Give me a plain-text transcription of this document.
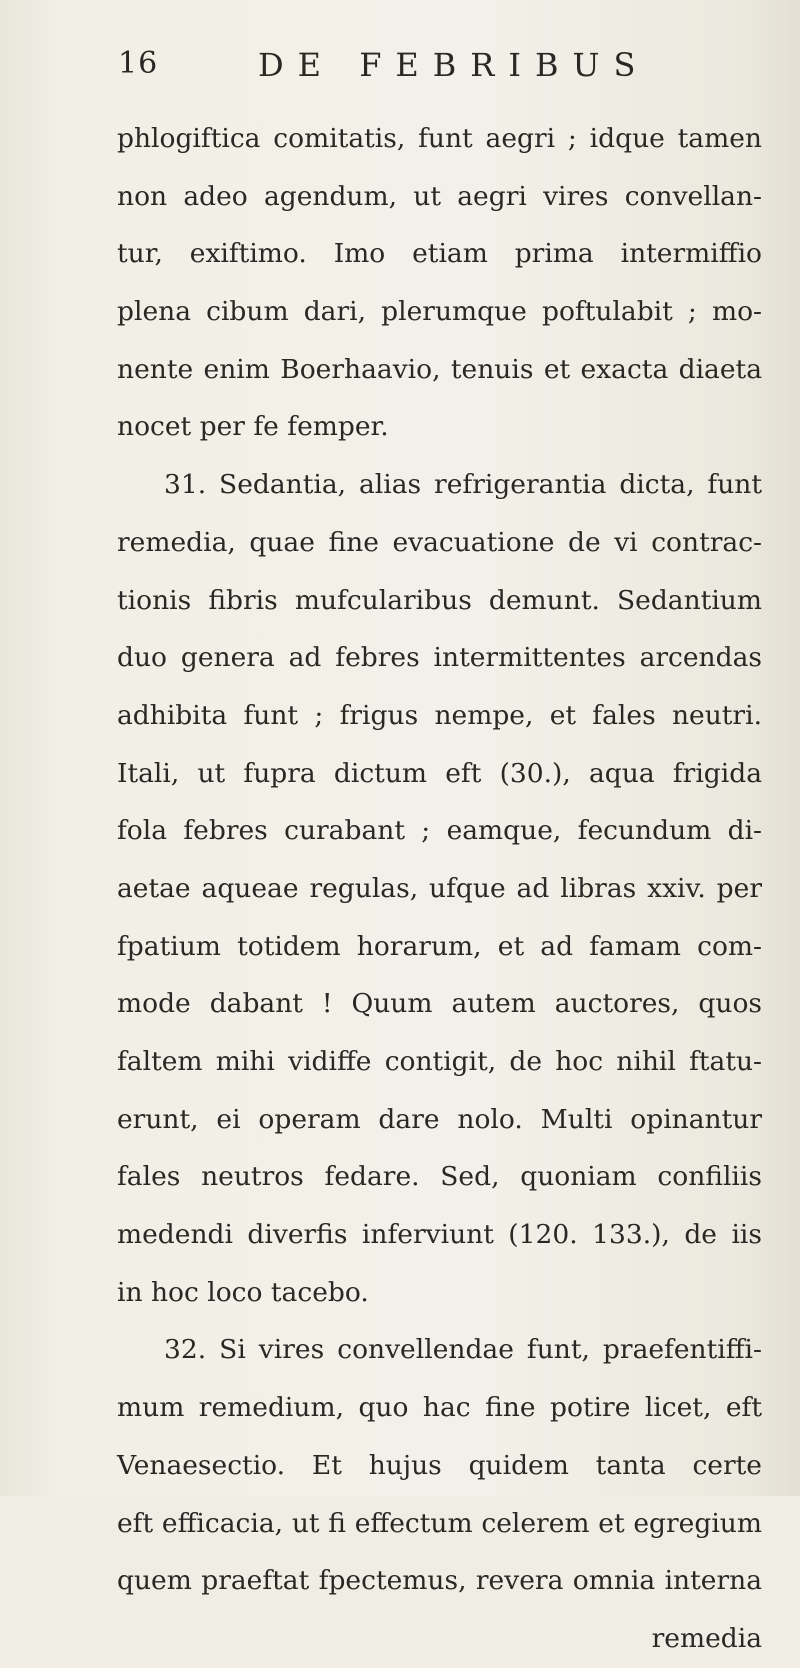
16	DE FEBRIBUS
phlogiftica comitatis, funt aegri ; idque tamen
non adeo agendum, ut aegri vires convellan-
tur, exiftimo. Imo etiam prima intermiffio
plena cibum dari, plerumque poftulabit ; mo-
nente enim Boerhaavio, tenuis et exacta diaeta
nocet per fe femper.
31. Sedantia, alias refrigerantia dicta, funt
remedia, quae fine evacuatione de vi contrac-
tionis fibris mufcularibus demunt. Sedantium
duo genera ad febres intermittentes arcendas
adhibita funt ; frigus nempe, et fales neutri.
Itali, ut fupra dictum eft (30.), aqua frigida
fola febres curabant ; eamque, fecundum di-
aetae aqueae regulas, ufque ad libras xxiv. per
fpatium totidem horarum, et ad famam com-
mode dabant ! Quum autem auctores, quos
faltem mihi vidiffe contigit, de hoc nihil ftatu-
erunt, ei operam dare nolo. Multi opinantur
fales neutros fedare. Sed, quoniam confiliis
medendi diverfis inferviunt (120. 133.), de iis
in hoc loco tacebo.
32. Si vires convellendae funt, praefentiffi-
mum remedium, quo hac fine potire licet, eft
Venaesectio. Et hujus quidem tanta certe
eft efficacia, ut fi effectum celerem et egregium
quem praeftat fpectemus, revera omnia interna
remedia
